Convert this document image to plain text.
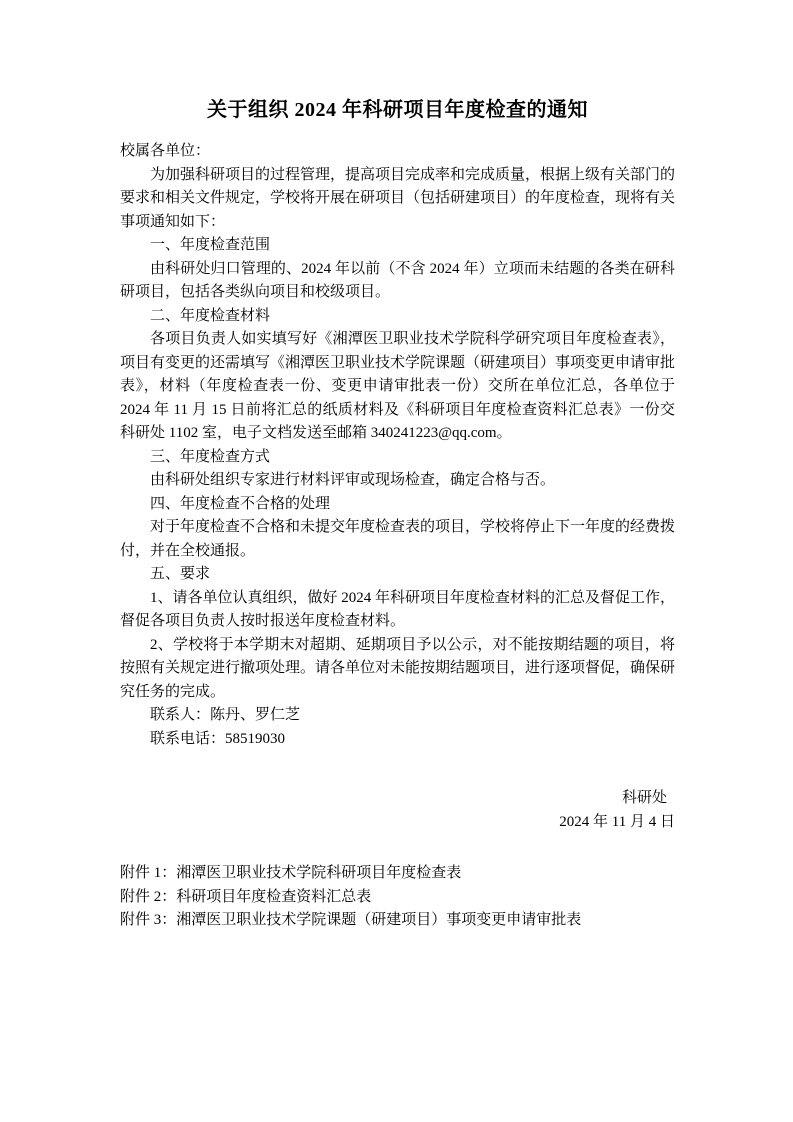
关于组织 2024 年科研项目年度检查的通知

校属各单位：

为加强科研项目的过程管理，提高项目完成率和完成质量，根据上级有关部门的要求和相关文件规定，学校将开展在研项目（包括研建项目）的年度检查，现将有关事项通知如下：

一、年度检查范围

由科研处归口管理的、2024 年以前（不含 2024 年）立项而未结题的各类在研科研项目，包括各类纵向项目和校级项目。

二、年度检查材料

各项目负责人如实填写好《湘潭医卫职业技术学院科学研究项目年度检查表》，项目有变更的还需填写《湘潭医卫职业技术学院课题（研建项目）事项变更申请审批表》，材料（年度检查表一份、变更申请审批表一份）交所在单位汇总，各单位于 2024 年 11 月 15 日前将汇总的纸质材料及《科研项目年度检查资料汇总表》一份交科研处 1102 室，电子文档发送至邮箱 340241223@qq.com。

三、年度检查方式

由科研处组织专家进行材料评审或现场检查，确定合格与否。

四、年度检查不合格的处理

对于年度检查不合格和未提交年度检查表的项目，学校将停止下一年度的经费拨付，并在全校通报。

五、要求

1、请各单位认真组织，做好 2024 年科研项目年度检查材料的汇总及督促工作，督促各项目负责人按时报送年度检查材料。

2、学校将于本学期末对超期、延期项目予以公示，对不能按期结题的项目，将按照有关规定进行撤项处理。请各单位对未能按期结题项目，进行逐项督促，确保研究任务的完成。

联系人：陈丹、罗仁芝

联系电话：58519030

科研处

2024 年 11 月 4 日

附件 1：湘潭医卫职业技术学院科研项目年度检查表

附件 2：科研项目年度检查资料汇总表

附件 3：湘潭医卫职业技术学院课题（研建项目）事项变更申请审批表
